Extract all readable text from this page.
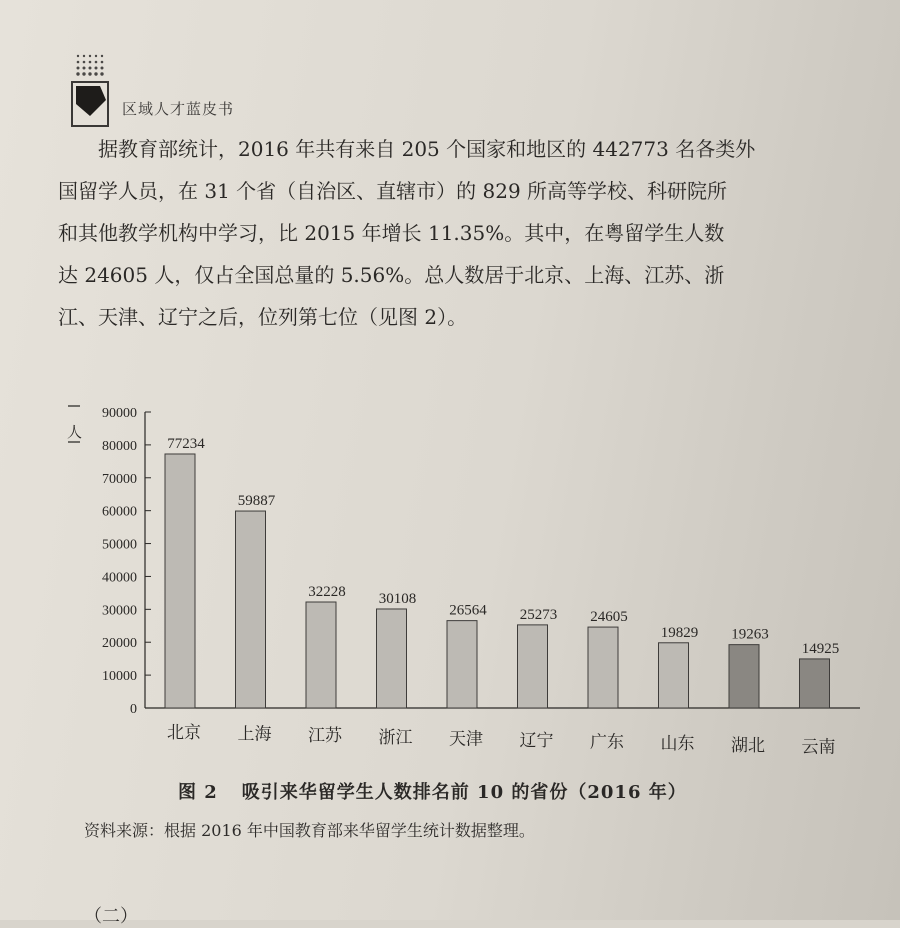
区域人才蓝皮书

据教育部统计，2016 年共有来自 205 个国家和地区的 442773 名各类外
国留学人员，在 31 个省（自治区、直辖市）的 829 所高等学校、科研院所
和其他教学机构中学习，比 2015 年增长 11.35%。其中，在粤留学生人数
达 24605 人，仅占全国总量的 5.56%。总人数居于北京、上海、江苏、浙
江、天津、辽宁之后，位列第七位（见图 2）。

0
10000
20000
30000
40000
50000
60000
70000
80000
90000
人
77234
北京
59887
上海
32228
江苏
30108
浙江
26564
天津
25273
辽宁
24605
广东
19829
山东
19263
湖北
14925
云南
图 2 吸引来华留学生人数排名前 10 的省份（2016 年）
资料来源：根据 2016 年中国教育部来华留学生统计数据整理。
（二）
